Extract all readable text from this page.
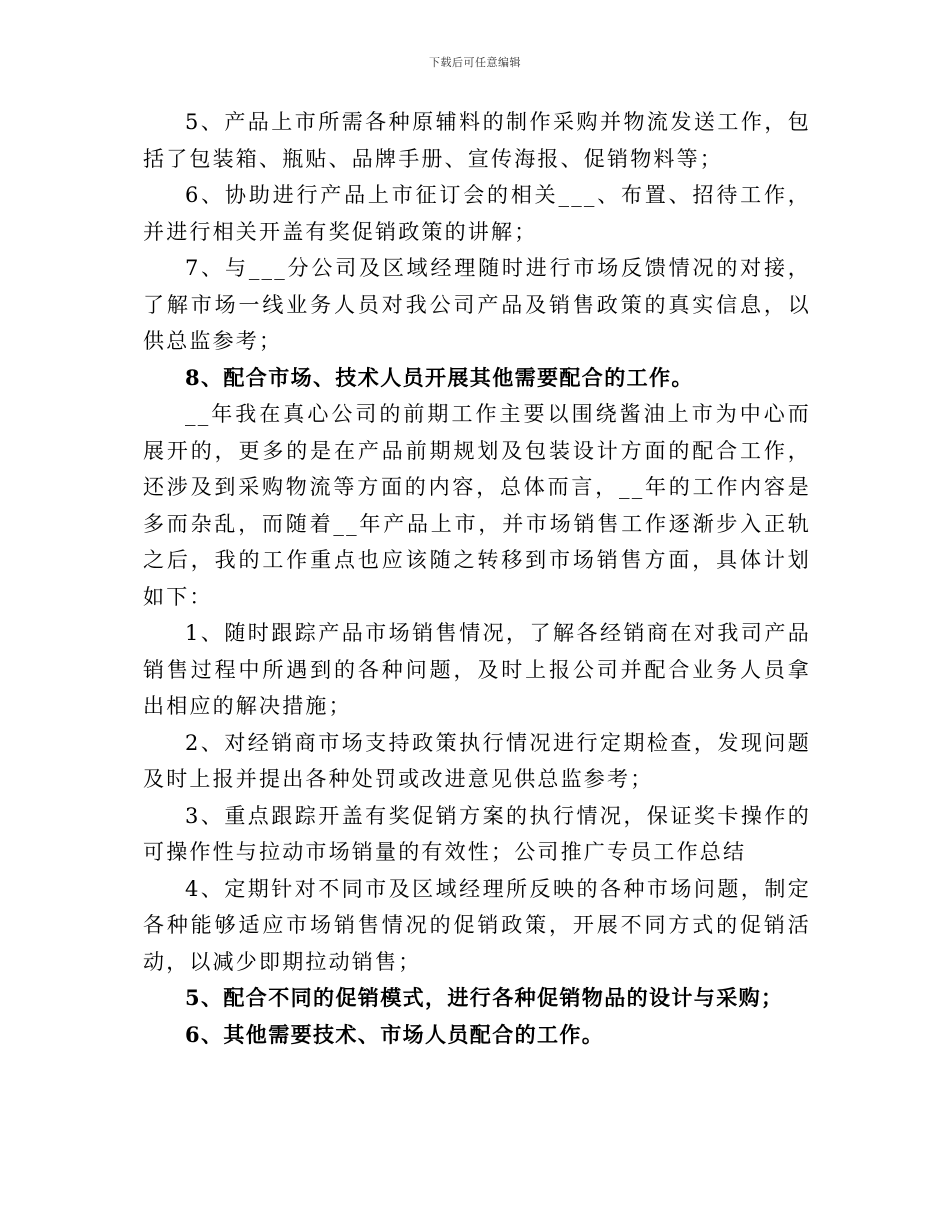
下载后可任意编辑

5、产品上市所需各种原辅料的制作采购并物流发送工作，包括了包装箱、瓶贴、品牌手册、宣传海报、促销物料等；

6、协助进行产品上市征订会的相关___、布置、招待工作，并进行相关开盖有奖促销政策的讲解；

7、与___分公司及区域经理随时进行市场反馈情况的对接，了解市场一线业务人员对我公司产品及销售政策的真实信息，以供总监参考；

8、配合市场、技术人员开展其他需要配合的工作。

__年我在真心公司的前期工作主要以围绕酱油上市为中心而展开的，更多的是在产品前期规划及包装设计方面的配合工作，还涉及到采购物流等方面的内容，总体而言，__年的工作内容是多而杂乱，而随着__年产品上市，并市场销售工作逐渐步入正轨之后，我的工作重点也应该随之转移到市场销售方面，具体计划如下：

1、随时跟踪产品市场销售情况，了解各经销商在对我司产品销售过程中所遇到的各种问题，及时上报公司并配合业务人员拿出相应的解决措施；

2、对经销商市场支持政策执行情况进行定期检查，发现问题及时上报并提出各种处罚或改进意见供总监参考；

3、重点跟踪开盖有奖促销方案的执行情况，保证奖卡操作的可操作性与拉动市场销量的有效性；公司推广专员工作总结

4、定期针对不同市及区域经理所反映的各种市场问题，制定各种能够适应市场销售情况的促销政策，开展不同方式的促销活动，以减少即期拉动销售；

5、配合不同的促销模式，进行各种促销物品的设计与采购；

6、其他需要技术、市场人员配合的工作。
